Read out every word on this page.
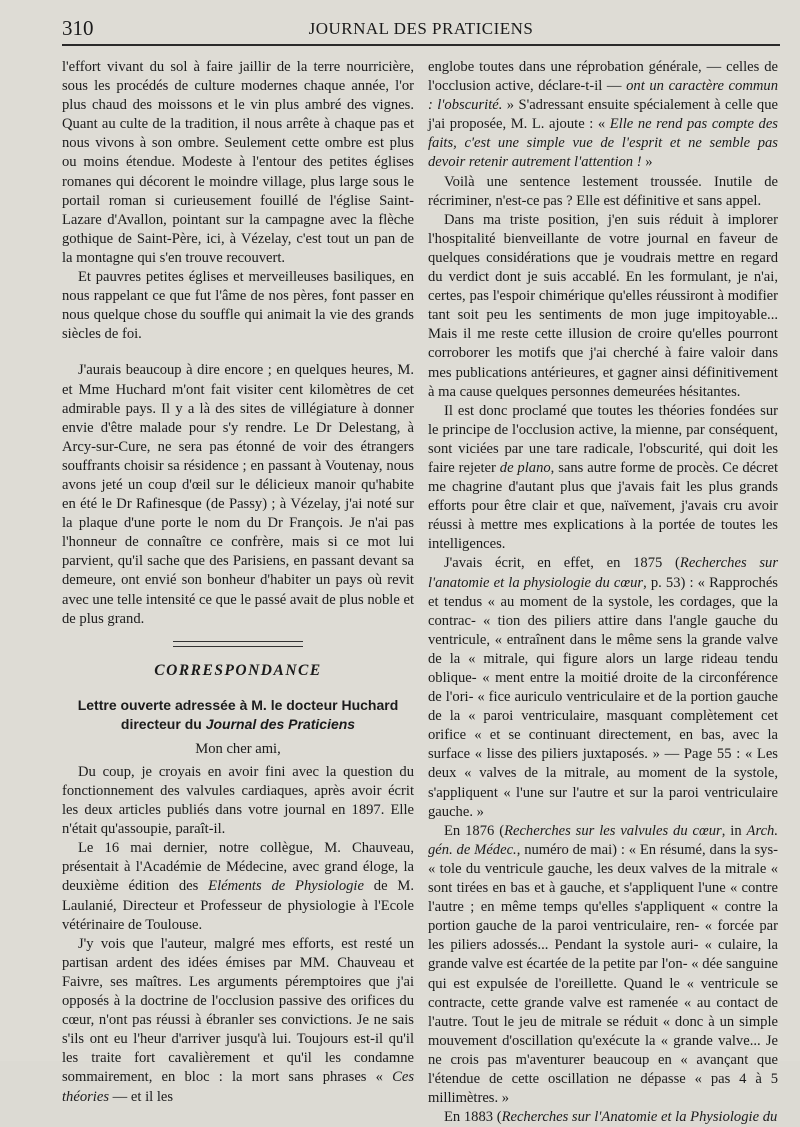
310	JOURNAL DES PRATICIENS

l'effort vivant du sol à faire jaillir de la terre nourricière, sous les procédés de culture modernes chaque année, l'or plus chaud des moissons et le vin plus ambré des vignes. Quant au culte de la tradition, il nous arrête à chaque pas et nous vivons à son ombre. Seulement cette ombre est plus ou moins étendue. Modeste à l'entour des petites églises romanes qui décorent le moindre village, plus large sous le portail roman si curieusement fouillé de l'église Saint-Lazare d'Avallon, pointant sur la campagne avec la flèche gothique de Saint-Père, ici, à Vézelay, c'est tout un pan de la montagne qui s'en trouve recouvert.

Et pauvres petites églises et merveilleuses basiliques, en nous rappelant ce que fut l'âme de nos pères, font passer en nous quelque chose du souffle qui animait la vie des grands siècles de foi.

J'aurais beaucoup à dire encore ; en quelques heures, M. et Mme Huchard m'ont fait visiter cent kilomètres de cet admirable pays. Il y a là des sites de villégiature à donner envie d'être malade pour s'y rendre. Le Dr Delestang, à Arcy-sur-Cure, ne sera pas étonné de voir des étrangers souffrants choisir sa résidence ; en passant à Voutenay, nous avons jeté un coup d'œil sur le délicieux manoir qu'habite en été le Dr Rafinesque (de Passy) ; à Vézelay, j'ai noté sur la plaque d'une porte le nom du Dr François. Je n'ai pas l'honneur de connaître ce confrère, mais si ce mot lui parvient, qu'il sache que des Parisiens, en passant devant sa demeure, ont envié son bonheur d'habiter un pays où revit avec une telle intensité ce que le passé avait de plus noble et de plus grand.

CORRESPONDANCE
Lettre ouverte adressée à M. le docteur Huchard
directeur du Journal des Praticiens
Mon cher ami,

Du coup, je croyais en avoir fini avec la question du fonctionnement des valvules cardiaques, après avoir écrit les deux articles publiés dans votre journal en 1897. Elle n'était qu'assoupie, paraît-il.

Le 16 mai dernier, notre collègue, M. Chauveau, présentait à l'Académie de Médecine, avec grand éloge, la deuxième édition des Eléments de Physiologie de M. Laulanié, Directeur et Professeur de physiologie à l'Ecole vétérinaire de Toulouse.

J'y vois que l'auteur, malgré mes efforts, est resté un partisan ardent des idées émises par MM. Chauveau et Faivre, ses maîtres. Les arguments péremptoires que j'ai opposés à la doctrine de l'occlusion passive des orifices du cœur, n'ont pas réussi à ébranler ses convictions. Je ne sais s'ils ont eu l'heur d'arriver jusqu'à lui. Toujours est-il qu'il les traite fort cavalièrement et qu'il les condamne sommairement, en bloc : la mort sans phrases « Ces théories — et il les

englobe toutes dans une réprobation générale, — celles de l'occlusion active, déclare-t-il — ont un caractère commun : l'obscurité. » S'adressant ensuite spécialement à celle que j'ai proposée, M. L. ajoute : « Elle ne rend pas compte des faits, c'est une simple vue de l'esprit et ne semble pas devoir retenir autrement l'attention ! »

Voilà une sentence lestement troussée. Inutile de récriminer, n'est-ce pas ? Elle est définitive et sans appel.

Dans ma triste position, j'en suis réduit à implorer l'hospitalité bienveillante de votre journal en faveur de quelques considérations que je voudrais mettre en regard du verdict dont je suis accablé. En les formulant, je n'ai, certes, pas l'espoir chimérique qu'elles réussiront à modifier tant soit peu les sentiments de mon juge impitoyable... Mais il me reste cette illusion de croire qu'elles pourront corroborer les motifs que j'ai cherché à faire valoir dans mes publications antérieures, et gagner ainsi définitivement à ma cause quelques personnes demeurées hésitantes.

Il est donc proclamé que toutes les théories fondées sur le principe de l'occlusion active, la mienne, par conséquent, sont viciées par une tare radicale, l'obscurité, qui doit les faire rejeter de plano, sans autre forme de procès. Ce décret me chagrine d'autant plus que j'avais fait les plus grands efforts pour être clair et que, naïvement, j'avais cru avoir réussi à mettre mes explications à la portée de toutes les intelligences.

J'avais écrit, en effet, en 1875 (Recherches sur l'anatomie et la physiologie du cœur, p. 53) : « Rapprochés et tendus « au moment de la systole, les cordages, que la contrac- « tion des piliers attire dans l'angle gauche du ventricule, « entraînent dans le même sens la grande valve de la « mitrale, qui figure alors un large rideau tendu oblique- « ment entre la moitié droite de la circonférence de l'ori- « fice auriculo ventriculaire et de la portion gauche de la « paroi ventriculaire, masquant complètement cet orifice « et se continuant directement, en bas, avec la surface « lisse des piliers juxtaposés. » — Page 55 : « Les deux « valves de la mitrale, au moment de la systole, s'appliquent « l'une sur l'autre et sur la paroi ventriculaire gauche. »

En 1876 (Recherches sur les valvules du cœur, in Arch. gén. de Médec., numéro de mai) : « En résumé, dans la sys- « tole du ventricule gauche, les deux valves de la mitrale « sont tirées en bas et à gauche, et s'appliquent l'une « contre l'autre ; en même temps qu'elles s'appliquent « contre la portion gauche de la paroi ventriculaire, ren- « forcée par les piliers adossés... Pendant la systole auri- « culaire, la grande valve est écartée de la petite par l'on- « dée sanguine qui est expulsée de l'oreillette. Quand le « ventricule se contracte, cette grande valve est ramenée « au contact de l'autre. Tout le jeu de mitrale se réduit « donc à un simple mouvement d'oscillation qu'exécute la « grande valve... Je ne crois pas m'aventurer beaucoup en « avançant que l'étendue de cette oscillation ne dépasse « pas 4 à 5 millimètres. »

En 1883 (Recherches sur l'Anatomie et la Physiologie du
